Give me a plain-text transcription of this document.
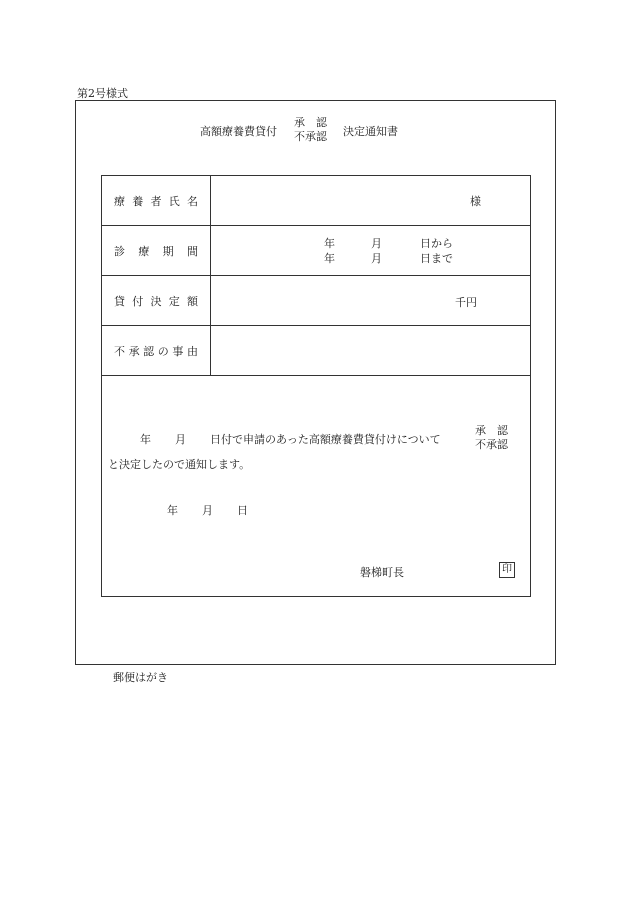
第2号様式
高額療養費貸付
承　認
不承認 決定通知書
療養者氏名
診療期間
貸付決定額
不承認の事由
様
年
年
月
月
日から
日まで
千円
年 月 日付で申請のあった高額療養費貸付けについて
承　認
不承認
と決定したので通知します。
年 月 日
磐梯町長	印
郵便はがき
